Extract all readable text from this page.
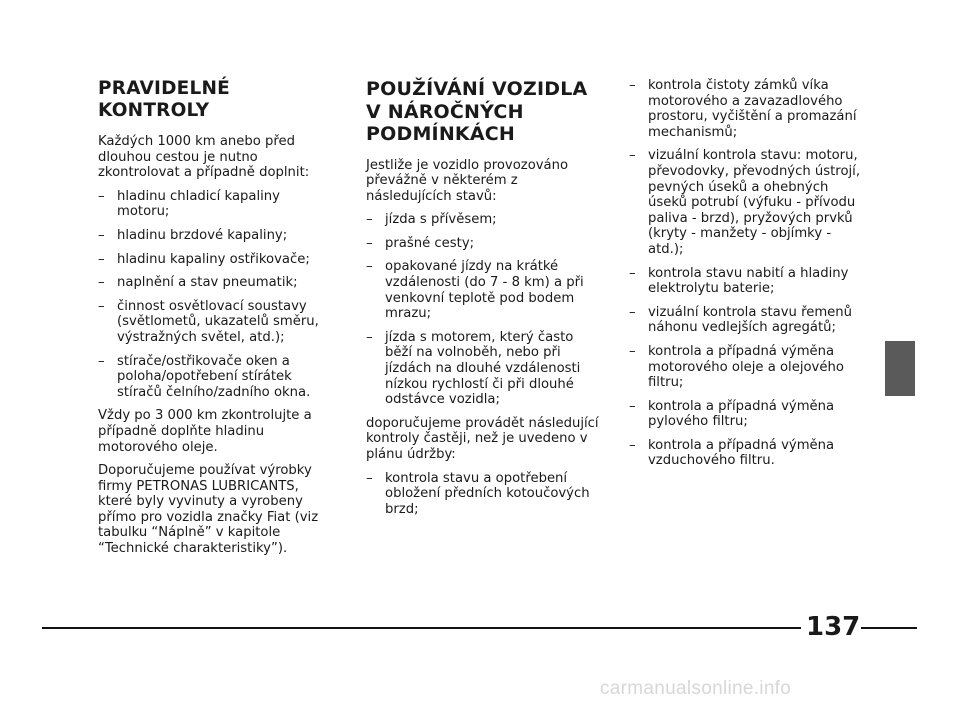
PRAVIDELNÉ KONTROLY

Každých 1000 km anebo před dlouhou cestou je nutno zkontrolovat a případně doplnit:

– hladinu chladicí kapaliny motoru;
– hladinu brzdové kapaliny;
– hladinu kapaliny ostřikovače;
– naplnění a stav pneumatik;
– činnost osvětlovací soustavy (světlometů, ukazatelů směru, výstražných světel, atd.);
– stírače/ostřikovače oken a poloha/opotřebení stírátek stíračů čelního/zadního okna.

Vždy po 3 000 km zkontrolujte a případně doplňte hladinu motorového oleje.

Doporučujeme používat výrobky firmy PETRONAS LUBRICANTS, které byly vyvinuty a vyrobeny přímo pro vozidla značky Fiat (viz tabulku “Náplně” v kapitole “Technické charakteristiky”).

POUŽÍVÁNÍ VOZIDLA V NÁROČNÝCH PODMÍNKÁCH

Jestliže je vozidlo provozováno převážně v některém z následujících stavů:

– jízda s přívěsem;
– prašné cesty;
– opakované jízdy na krátké vzdálenosti (do 7 - 8 km) a při venkovní teplotě pod bodem mrazu;
– jízda s motorem, který často běží na volnoběh, nebo při jízdách na dlouhé vzdálenosti nízkou rychlostí či při dlouhé odstávce vozidla;

doporučujeme provádět následující kontroly častěji, než je uvedeno v plánu údržby:

– kontrola stavu a opotřebení obložení předních kotoučových brzd;
– kontrola čistoty zámků víka motorového a zavazadlového prostoru, vyčištění a promazání mechanismů;
– vizuální kontrola stavu: motoru, převodovky, převodných ústrojí, pevných úseků a ohebných úseků potrubí (výfuku - přívodu paliva - brzd), pryžových prvků (kryty - manžety - objímky - atd.);
– kontrola stavu nabití a hladiny elektrolytu baterie;
– vizuální kontrola stavu řemenů náhonu vedlejších agregátů;
– kontrola a případná výměna motorového oleje a olejového filtru;
– kontrola a případná výměna pylového filtru;
– kontrola a případná výměna vzduchového filtru.
137
carmanualsonline.info
